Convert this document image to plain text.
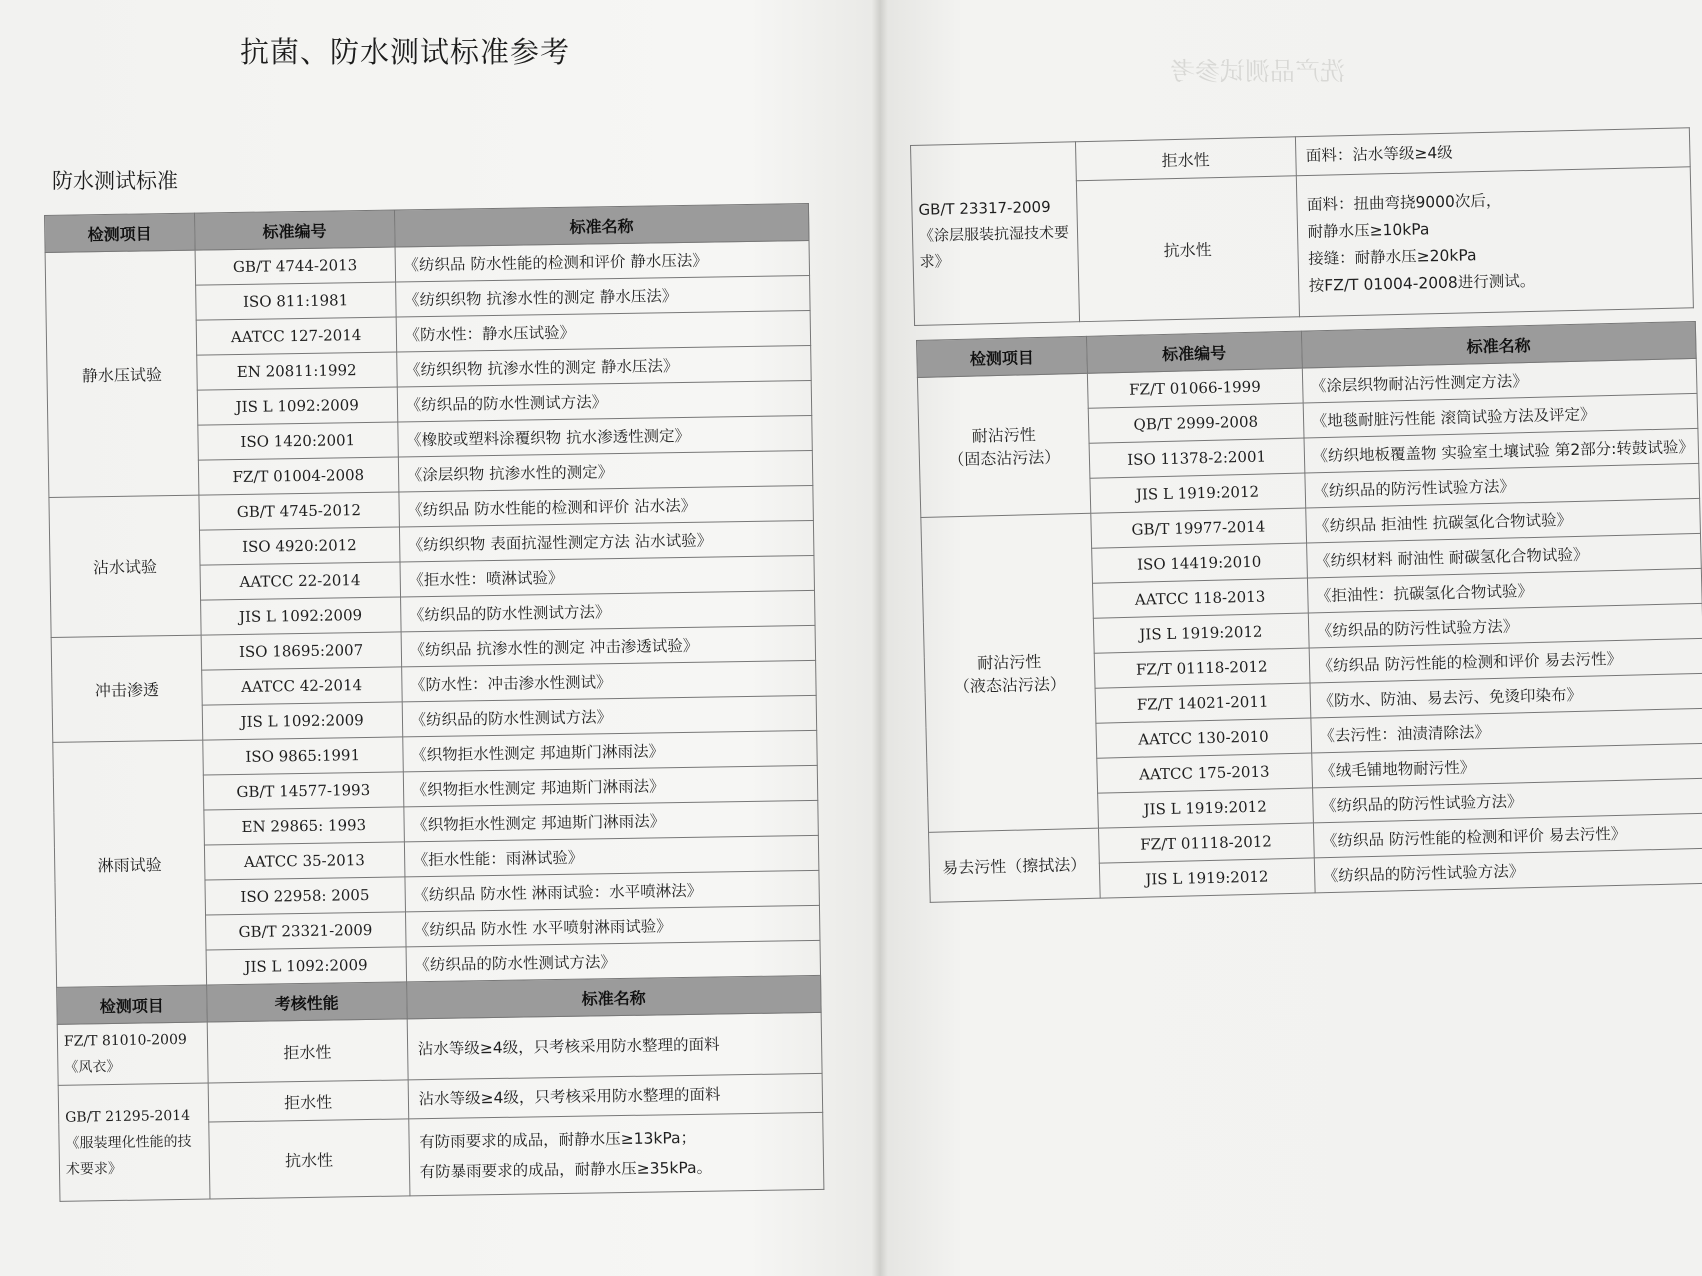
洗产品测试参考
抗菌、防水测试标准参考
防水测试标准
检测项目	标准编号	标准名称
静水压试验	GB/T 4744-2013	《纺织品 防水性能的检测和评价 静水压法》
	ISO 811:1981	《纺织织物 抗渗水性的测定 静水压法》
	AATCC 127-2014	《防水性：静水压试验》
	EN 20811:1992	《纺织织物 抗渗水性的测定 静水压法》
	JIS L 1092:2009	《纺织品的防水性测试方法》
	ISO 1420:2001	《橡胶或塑料涂覆织物 抗水渗透性测定》
	FZ/T 01004-2008	《涂层织物 抗渗水性的测定》
沾水试验	GB/T 4745-2012	《纺织品 防水性能的检测和评价 沾水法》
	ISO 4920:2012	《纺织织物 表面抗湿性测定方法 沾水试验》
	AATCC 22-2014	《拒水性：喷淋试验》
	JIS L 1092:2009	《纺织品的防水性测试方法》
冲击渗透	ISO 18695:2007	《纺织品 抗渗水性的测定 冲击渗透试验》
	AATCC 42-2014	《防水性：冲击渗水性测试》
	JIS L 1092:2009	《纺织品的防水性测试方法》
淋雨试验	ISO 9865:1991	《织物拒水性测定 邦迪斯门淋雨法》
	GB/T 14577-1993	《织物拒水性测定 邦迪斯门淋雨法》
	EN 29865: 1993	《织物拒水性测定 邦迪斯门淋雨法》
	AATCC 35-2013	《拒水性能：雨淋试验》
	ISO 22958: 2005	《纺织品 防水性 淋雨试验：水平喷淋法》
	GB/T 23321-2009	《纺织品 防水性 水平喷射淋雨试验》
	JIS L 1092:2009	《纺织品的防水性测试方法》
检测项目	考核性能	标准名称
FZ/T 81010-2009《风衣》	拒水性	沾水等级≥4级，只考核采用防水整理的面料
GB/T 21295-2014《服装理化性能的技术要求》	拒水性	沾水等级≥4级，只考核采用防水整理的面料
	抗水性	有防雨要求的成品，耐静水压≥13kPa；
有防暴雨要求的成品，耐静水压≥35kPa。
GB/T 23317-2009《涂层服装抗湿技术要求》	拒水性	面料：沾水等级≥4级
	抗水性	面料：扭曲弯挠9000次后，
耐静水压≥10kPa
接缝：耐静水压≥20kPa
按FZ/T 01004-2008进行测试。
检测项目	标准编号	标准名称
耐沾污性
（固态沾污法）	FZ/T 01066-1999	《涂层织物耐沾污性测定方法》
	QB/T 2999-2008	《地毯耐脏污性能 滚筒试验方法及评定》
	ISO 11378-2:2001	《纺织地板覆盖物 实验室土壤试验 第2部分:转鼓试验》
	JIS L 1919:2012	《纺织品的防污性试验方法》
耐沾污性
（液态沾污法）	GB/T 19977-2014	《纺织品 拒油性 抗碳氢化合物试验》
	ISO 14419:2010	《纺织材料 耐油性 耐碳氢化合物试验》
	AATCC 118-2013	《拒油性：抗碳氢化合物试验》
	JIS L 1919:2012	《纺织品的防污性试验方法》
	FZ/T 01118-2012	《纺织品 防污性能的检测和评价 易去污性》
	FZ/T 14021-2011	《防水、防油、易去污、免烫印染布》
	AATCC 130-2010	《去污性：油渍清除法》
	AATCC 175-2013	《绒毛铺地物耐污性》
	JIS L 1919:2012	《纺织品的防污性试验方法》
易去污性（擦拭法）	FZ/T 01118-2012	《纺织品 防污性能的检测和评价 易去污性》
	JIS L 1919:2012	《纺织品的防污性试验方法》
